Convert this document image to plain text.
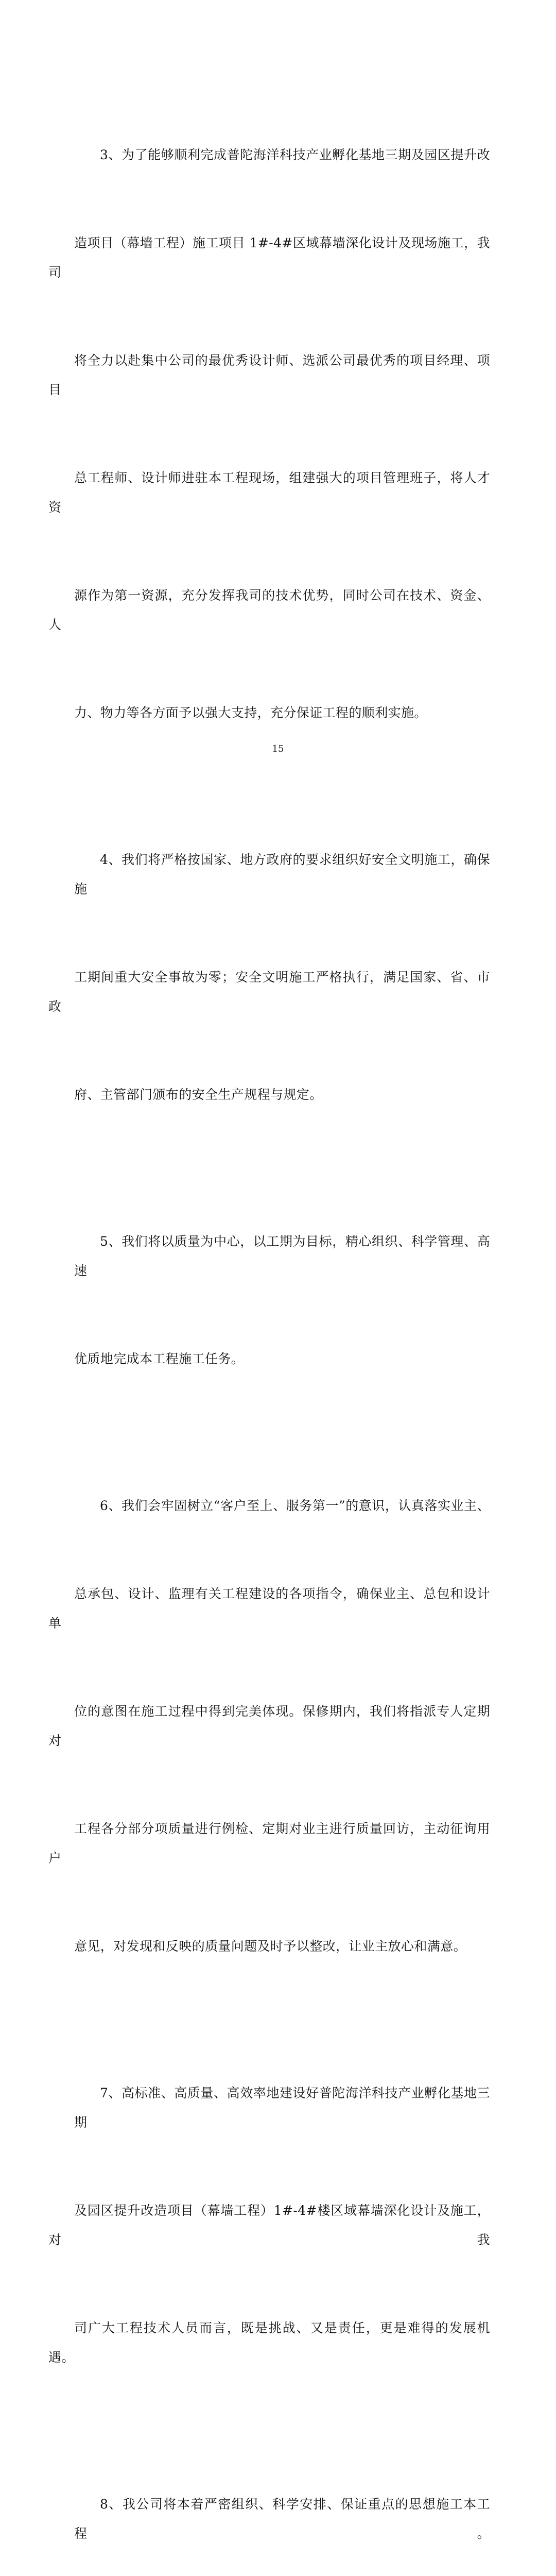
3、为了能够顺利完成普陀海洋科技产业孵化基地三期及园区提升改

造项目（幕墙工程）施工项目 1#-4#区域幕墙深化设计及现场施工，我司

将全力以赴集中公司的最优秀设计师、选派公司最优秀的项目经理、项目

总工程师、设计师进驻本工程现场，组建强大的项目管理班子，将人才资

源作为第一资源，充分发挥我司的技术优势，同时公司在技术、资金、人

力、物力等各方面予以强大支持，充分保证工程的顺利实施。

4、我们将严格按国家、地方政府的要求组织好安全文明施工，确保施

工期间重大安全事故为零；安全文明施工严格执行，满足国家、省、市政

府、主管部门颁布的安全生产规程与规定。

5、我们将以质量为中心，以工期为目标，精心组织、科学管理、高速

优质地完成本工程施工任务。

6、我们会牢固树立“客户至上、服务第一”的意识，认真落实业主、

总承包、设计、监理有关工程建设的各项指令，确保业主、总包和设计单

位的意图在施工过程中得到完美体现。保修期内，我们将指派专人定期对

工程各分部分项质量进行例检、定期对业主进行质量回访，主动征询用户

意见，对发现和反映的质量问题及时予以整改，让业主放心和满意。

7、高标准、高质量、高效率地建设好普陀海洋科技产业孵化基地三期

及园区提升改造项目（幕墙工程）1#-4#楼区域幕墙深化设计及施工，对我

司广大工程技术人员而言，既是挑战、又是责任，更是难得的发展机遇。

8、我公司将本着严密组织、科学安排、保证重点的思想施工本工程。

15
